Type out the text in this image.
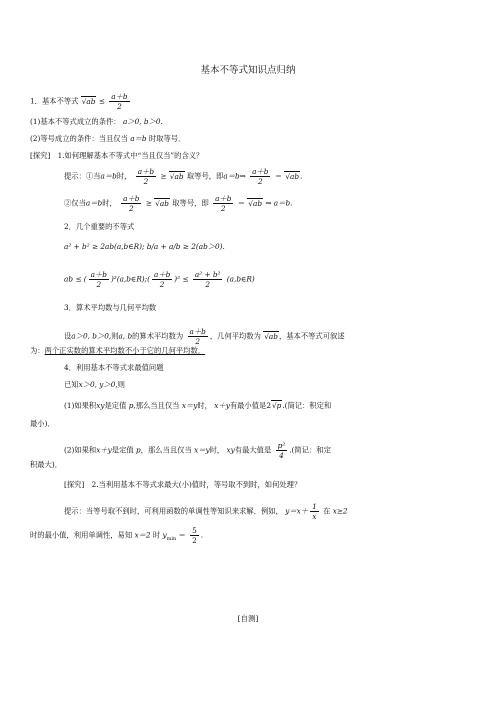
基本不等式知识点归纳
1．基本不等式 √ ab ≤ $\frac{a+b}{2}$
(1)基本不等式成立的条件： a＞0, b＞0.
(2)等号成立的条件：当且仅当 a＝b 时取等号．
[探究]　1.如何理解基本不等式中“当且仅当”的含义？
提示：①当a＝b时， $\frac{a+b}{2}$ ≥ √ ab 取等号，即a＝b⇒ $\frac{a+b}{2}$ ＝ √ ab.
②仅当a＝b时， $\frac{a+b}{2}$ ≥ √ ab 取等号，即 $\frac{a+b}{2}$ ＝ √ ab ⇒ a＝b.
2．几个重要的不等式
a² + b² ≥ 2ab(a,b∈R); b/a + a/b ≥ 2(ab＞0).
ab ≤ ( $\frac{a+b}{2}$ )²(a,b∈R);( $\frac{a+b}{2} )^2 \le \frac{\text{a² + b²}}{2}$ (a,b∈R)
3．算术平均数与几何平均数
设a＞0, b＞0,则a, b的算术平均数为 $\frac{a+b}{2}$ ，几何平均数为 √ ab，基本不等式可叙述
为：两个正实数的算术平均数不小于它的几何平均数．
4．利用基本不等式求最值问题
已知x＞0, y＞0,则
(1)如果积xy是定值 p,那么当且仅当 x＝y时， x＋y有最小值是2 √ p.(简记：积定和
最小)．
(2)如果和x＋y是定值 p，那么当且仅当 x＝y时， xy有最大值是 $\frac{\text{p²}}{4}$ .(简记：和定
积最大)．
[探究]　2.当利用基本不等式求最大(小)值时，等号取不到时，如何处理？
提示：当等号取不到时，可利用函数的单调性等知识来求解．例如， $y=x+ \frac{1}{x}$ 在 x≥2
时的最小值，利用单调性，易知 x＝2 时 $y_{min} = \frac{5}{2}$ .
[自测]
